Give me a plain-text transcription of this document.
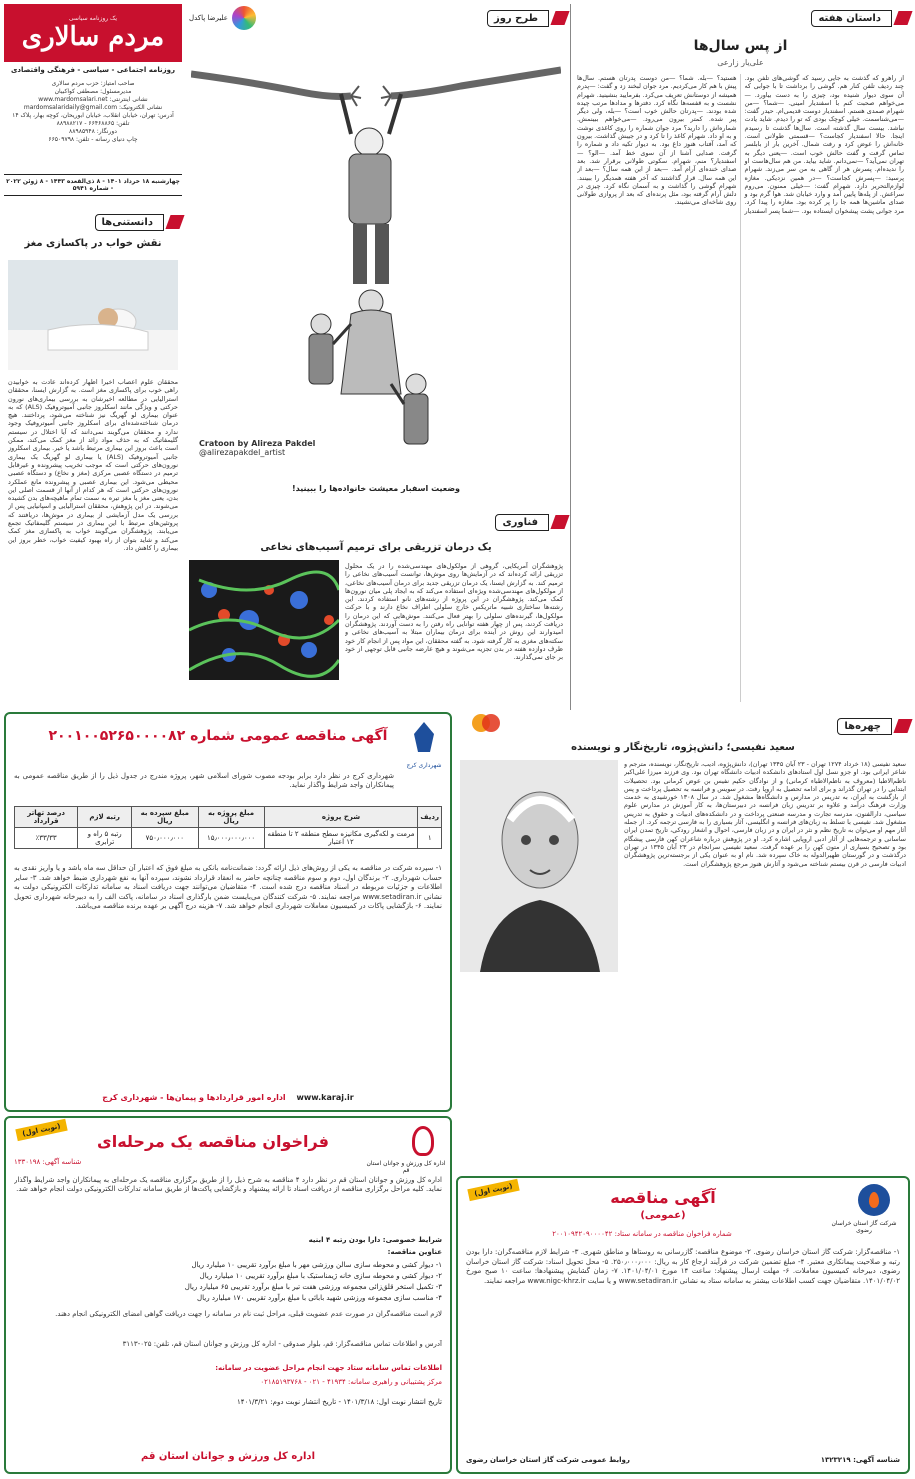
داستان هفته
از پس سال‌ها
علی‌یار زارعی
از راهرو که گذشت به جایی رسید که گوشی‌های تلفن بود. چند ردیف تلفن کنار هم. گوشی را برداشت تا با جوابی که آن سوی دیوار شنیده بود، چیزی را به دست بیاورد. —می‌خواهم صحبت کنم با اسفندیار امینی. —شما؟ —من شهرام صمدی هستم. اسفندیار دوست قدیمی‌ام. حیدر گفت: —می‌شناسمت. خیلی کوچک بودی که تو را دیدم. شاید یادت نباشد. بیست سال گذشته است. سال‌ها گذشت تا رسیدم اینجا. حالا اسفندیار کجاست؟ —قسمتی طولانی است. خانه‌اش را عوض کرد و رفت شمال. آخرین بار از بابلسر تماس گرفت و گفت حالش خوب است. —یعنی دیگر به تهران نمی‌آید؟ —نمی‌دانم. شاید بیاید. من هم سال‌هاست او را ندیده‌ام. پسرش هر از گاهی به من سر می‌زند. شهرام پرسید: —پسرش کجاست؟ —در همین نزدیکی. مغازه لوازم‌التحریر دارد. شهرام گفت: —خیلی ممنون. می‌روم سراغش. از پله‌ها پایین آمد و وارد خیابان شد. هوا گرم بود و صدای ماشین‌ها همه جا را پر کرده بود. مغازه را پیدا کرد. مرد جوانی پشت پیشخوان ایستاده بود. —شما پسر اسفندیار هستید؟ —بله. شما؟ —من دوست پدرتان هستم. سال‌ها پیش با هم کار می‌کردیم. مرد جوان لبخند زد و گفت: —پدرم همیشه از دوستانش تعریف می‌کرد. بفرمایید بنشینید. شهرام نشست و به قفسه‌ها نگاه کرد. دفترها و مدادها مرتب چیده شده بودند. —پدرتان حالش خوب است؟ —بله، ولی دیگر پیر شده. کمتر بیرون می‌رود. —می‌خواهم ببینمش. شماره‌اش را دارید؟ مرد جوان شماره را روی کاغذی نوشت و به او داد. شهرام کاغذ را تا کرد و در جیبش گذاشت. بیرون که آمد، آفتاب هنوز داغ بود. به دیوار تکیه داد و شماره را گرفت. صدایی آشنا از آن سوی خط آمد. —الو؟ —اسفندیار؟ منم، شهرام. سکوتی طولانی برقرار شد. بعد صدای خنده‌ای آرام آمد. —بعد از این همه سال؟ —بعد از این همه سال. قرار گذاشتند که آخر هفته همدیگر را ببینند. شهرام گوشی را گذاشت و به آسمان نگاه کرد. چیزی در دلش آرام گرفته بود، مثل پرنده‌ای که بعد از پروازی طولانی روی شاخه‌ای می‌نشیند.
طرح روز
علیرضا پاکدل
Cratoon by Alireza Pakdel
@alirezapakdel_artist
وضعیت اسفبار معیشت خانواده‌ها را ببینید!
یک روزنامه سیاسی
مردم سالاری
روزنامه اجتماعی - سیاسی - فرهنگی واقتصادی
صاحب امتیاز: حزب مردم سالاری
مدیرمسئول: مصطفی کواکبیان
نشانی اینترنتی: www.mardomsalari.net
نشانی الکترونیک: mardomsalaridaily@gmail.com
آدرس: تهران، خیابان انقلاب، خیابان ابوریحان، کوچه بهار، پلاک ۱۴
تلفن: ۶۶۴۶۸۸۶۵ - ۸۸۹۸۸۲۱۷
دورنگار: ۸۸۹۸۵۹۴۸
چاپ دنیای رسانه - تلفن: ۶۶۵۰۹۷۹۸
چهارشنبه ۱۸ خرداد ۱۴۰۱ - ۸ ذی‌القعده ۱۴۴۳ - ۸ ژوئن ۲۰۲۲ - شماره ۵۹۴۱
دانستنی‌ها
نقش خواب در پاکسازی مغز
محققان علوم اعصاب اخیرا اظهار کرده‌اند عادت به خوابیدن راهی خوب برای پاکسازی مغز است. به گزارش ایسنا، محققان استرالیایی در مطالعه اخیرشان به بررسی بیماری‌های نورون حرکتی و ویژگی مانند اسکلروز جانبی آمیوتروفیک (ALS) که به عنوان بیماری لو گهریگ نیز شناخته می‌شود، پرداختند. هیچ درمان شناخته‌شده‌ای برای اسکلروز جانبی آمیوتروفیک وجود ندارد و محققان می‌گویند نمی‌دانند که آیا اختلال در سیستم گلیمفاتیک که به حذف مواد زائد از مغز کمک می‌کند، ممکن است باعث بروز این بیماری مرتبط باشد یا خیر. بیماری اسکلروز جانبی آمیوتروفیک (ALS) یا بیماری لو گهریگ یک بیماری نورون‌های حرکتی است که موجب تخریب پیشرونده و غیرقابل ترمیم در دستگاه عصبی مرکزی (مغز و نخاع) و دستگاه عصبی محیطی می‌شود. این بیماری عصبی و پیشرونده مانع عملکرد نورون‌های حرکتی است که هر کدام از آنها از قسمت اصلی این بدن، یعنی مغز یا مغز تیره به سمت تمام ماهیچه‌های بدن کشیده می‌شوند. در این پژوهش، محققان استرالیایی و اسپانیایی پس از بررسی یک مدل آزمایشی از بیماری در موش‌ها، دریافتند که پروتئین‌های مرتبط با این بیماری در سیستم گلیمفاتیک تجمع می‌یابند. پژوهشگران می‌گویند خواب به پاکسازی مغز کمک می‌کند و شاید بتوان از راه بهبود کیفیت خواب، خطر بروز این بیماری را کاهش داد.
فناوری
یک درمان تزریقی برای ترمیم آسیب‌های نخاعی
پژوهشگران آمریکایی، گروهی از مولکول‌های مهندسی‌شده را در یک محلول تزریقی ارائه کرده‌اند که در آزمایش‌ها روی موش‌ها، توانست آسیب‌های نخاعی را ترمیم کند. به گزارش ایسنا، یک درمان تزریقی جدید برای درمان آسیب‌های نخاعی، از مولکول‌های مهندسی‌شده ویژه‌ای استفاده می‌کند که به ایجاد پلی میان نورون‌ها کمک می‌کند. پژوهشگران در این پروژه از رشته‌های نانو استفاده کردند. این رشته‌ها ساختاری شبیه ماتریکس خارج سلولی اطراف نخاع دارند و با حرکت مولکول‌ها، گیرنده‌های سلولی را بهتر فعال می‌کنند. موش‌هایی که این درمان را دریافت کردند، پس از چهار هفته توانایی راه رفتن را به دست آوردند. پژوهشگران امیدوارند این روش در آینده برای درمان بیماران مبتلا به آسیب‌های نخاعی و سکته‌های مغزی به کار گرفته شود. به گفته محققان، این مواد پس از انجام کار خود ظرف دوازده هفته در بدن تجزیه می‌شوند و هیچ عارضه جانبی قابل توجهی از خود بر جای نمی‌گذارند.
چهره‌ها
سعید نفیسی؛ دانش‌پژوه، تاریخ‌نگار و نویسنده
سعید نفیسی (۱۸ خرداد ۱۲۷۴ تهران - ۲۳ آبان ۱۳۴۵ تهران)، دانش‌پژوه، ادیب، تاریخ‌نگار، نویسنده، مترجم و شاعر ایرانی بود. او جزو نسل اول استادهای دانشکده ادبیات دانشگاه تهران بود. وی فرزند میرزا علی‌اکبر ناظم‌الاطبا (معروف به ناظم‌الاطباء کرمانی) و از نوادگان حکیم نفیس بن عوض کرمانی بود. تحصیلات ابتدایی را در تهران گذراند و برای ادامه تحصیل به اروپا رفت. در سویس و فرانسه به تحصیل پرداخت و پس از بازگشت به ایران، به تدریس در مدارس و دانشگاه‌ها مشغول شد. در سال ۱۳۰۸ خورشیدی به خدمت وزارت فرهنگ درآمد و علاوه بر تدریس زبان فرانسه در دبیرستان‌ها، به کار آموزش در مدارس علوم سیاسی، دارالفنون، مدرسه تجارت و مدرسه صنعتی پرداخت و در دانشکده‌های ادبیات و حقوق به تدریس مشغول شد. نفیسی با تسلط به زبان‌های فرانسه و انگلیسی، آثار بسیاری را به فارسی ترجمه کرد. از جمله آثار مهم او می‌توان به تاریخ نظم و نثر در ایران و در زبان فارسی، احوال و اشعار رودکی، تاریخ تمدن ایران ساسانی و ترجمه‌هایی از آثار ادبی اروپایی اشاره کرد. او در پژوهش درباره شاعران کهن فارسی پیشگام بود و تصحیح بسیاری از متون کهن را بر عهده گرفت. سعید نفیسی سرانجام در ۲۳ آبان ۱۳۴۵ در تهران درگذشت و در گورستان ظهیرالدوله به خاک سپرده شد. نام او به عنوان یکی از برجسته‌ترین پژوهشگران ادبیات فارسی در قرن بیستم شناخته می‌شود و آثارش هنوز مرجع پژوهشگران است.
شهرداری کرج
آگهی مناقصه عمومی شماره ۲۰۰۱۰۰۵۲۶۵۰۰۰۰۸۲
شهرداری کرج در نظر دارد برابر بودجه مصوب شورای اسلامی شهر، پروژه مندرج در جدول ذیل را از طریق مناقصه عمومی به پیمانکاران واجد شرایط واگذار نماید.
ردیف	شرح پروژه	مبلغ پروژه به ریال	مبلغ سپرده به ریال	رتبه لازم	درصد تهاتر قرارداد
۱	مرمت و لکه‌گیری مکانیزه سطح منطقه ۲ تا منطقه ۱۲ اعتبار	۱۵٫۰۰۰٫۰۰۰٫۰۰۰	۷۵۰٫۰۰۰٫۰۰۰	رتبه ۵ راه و ترابری	٪۳۳/۳۳
۱- سپرده شرکت در مناقصه به یکی از روش‌های ذیل ارائه گردد: ضمانت‌نامه بانکی به مبلغ فوق که اعتبار آن حداقل سه ماه باشد و یا واریز نقدی به حساب شهرداری. ۲- برندگان اول، دوم و سوم مناقصه چنانچه حاضر به انعقاد قرارداد نشوند، سپرده آنها به نفع شهرداری ضبط خواهد شد. ۳- سایر اطلاعات و جزئیات مربوطه در اسناد مناقصه درج شده است. ۴- متقاضیان می‌توانند جهت دریافت اسناد به سامانه تدارکات الکترونیکی دولت به نشانی www.setadiran.ir مراجعه نمایند. ۵- شرکت کنندگان می‌بایست ضمن بارگذاری اسناد در سامانه، پاکت الف را به دبیرخانه شهرداری تحویل نمایند. ۶- بازگشایی پاکات در کمیسیون معاملات شهرداری انجام خواهد شد. ۷- هزینه درج آگهی بر عهده برنده مناقصه می‌باشد.
www.karaj.ir اداره امور قراردادها و پیمان‌ها - شهرداری کرج
(نوبت اول)
اداره کل ورزش و جوانان استان قم
فراخوان مناقصه یک مرحله‌ای
شناسه آگهی: ۱۳۳۰۱۹۸
اداره کل ورزش و جوانان استان قم در نظر دارد ۴ مناقصه به شرح ذیل را از طریق برگزاری مناقصه یک مرحله‌ای به پیمانکاران واجد شرایط واگذار نماید. کلیه مراحل برگزاری مناقصه از دریافت اسناد تا ارائه پیشنهاد و بازگشایی پاکت‌ها از طریق سامانه تدارکات الکترونیکی دولت انجام خواهد شد.
شرایط خصوصی: دارا بودن رتبه ۴ ابنیه
عناوین مناقصه:
۱- دیوار کشی و محوطه سازی سالن ورزشی مهر با مبلغ برآورد تقریبی ۱۰ میلیارد ریال
۲- دیوار کشی و محوطه سازی خانه ژیمناستیک با مبلغ برآورد تقریبی ۱۰ میلیارد ریال
۳- تکمیل استخر قلق‌زائی مجموعه ورزشی هفت تیر با مبلغ برآورد تقریبی ۶۵ میلیارد ریال
۴- مناسب سازی مجموعه ورزشی شهید بابائی با مبلغ برآورد تقریبی ۱۷۰ میلیارد ریال
لازم است مناقصه‌گران در صورت عدم عضویت قبلی، مراحل ثبت نام در سامانه را جهت دریافت گواهی امضای الکترونیکی انجام دهند.
آدرس و اطلاعات تماس مناقصه‌گزار: قم، بلوار صدوقی - اداره کل ورزش و جوانان استان قم، تلفن: ۰۲۵-۳۱۱۳
اطلاعات تماس سامانه ستاد جهت انجام مراحل عضویت در سامانه:
مرکز پشتیبانی و راهبری سامانه: ۴۱۹۳۴ - ۰۲۱ - ۰۲۱۸۵۱۹۳۷۶۸
تاریخ انتشار نوبت اول: ۱۴۰۱/۳/۱۸ - تاریخ انتشار نوبت دوم: ۱۴۰۱/۳/۲۱
اداره کل ورزش و جوانان استان قم
(نوبت اول)
شرکت گاز استان خراسان رضوی
آگهی مناقصه
(عمومی)
شماره فراخوان مناقصه در سامانه ستاد: ۲۰۰۱۰۹۴۲۰۹۰۰۰۰۴۲
۱- مناقصه‌گزار: شرکت گاز استان خراسان رضوی. ۲- موضوع مناقصه: گازرسانی به روستاها و مناطق شهری. ۳- شرایط لازم مناقصه‌گران: دارا بودن رتبه و صلاحیت پیمانکاری معتبر. ۴- مبلغ تضمین شرکت در فرآیند ارجاع کار به ریال: ۲۵۰٫۰۰۰٫۰۰۰. ۵- محل تحویل اسناد: شرکت گاز استان خراسان رضوی، دبیرخانه کمیسیون معاملات. ۶- مهلت ارسال پیشنهاد: ساعت ۱۴ مورخ ۱۴۰۱/۰۴/۰۱. ۷- زمان گشایش پیشنهادها: ساعت ۱۰ صبح مورخ ۱۴۰۱/۰۴/۰۲. متقاضیان جهت کسب اطلاعات بیشتر به سامانه ستاد به نشانی www.setadiran.ir و یا سایت www.nigc-khrz.ir مراجعه نمایند.
شناسه آگهی: ۱۳۲۳۲۱۹
روابط عمومی شرکت گاز استان خراسان رضوی
